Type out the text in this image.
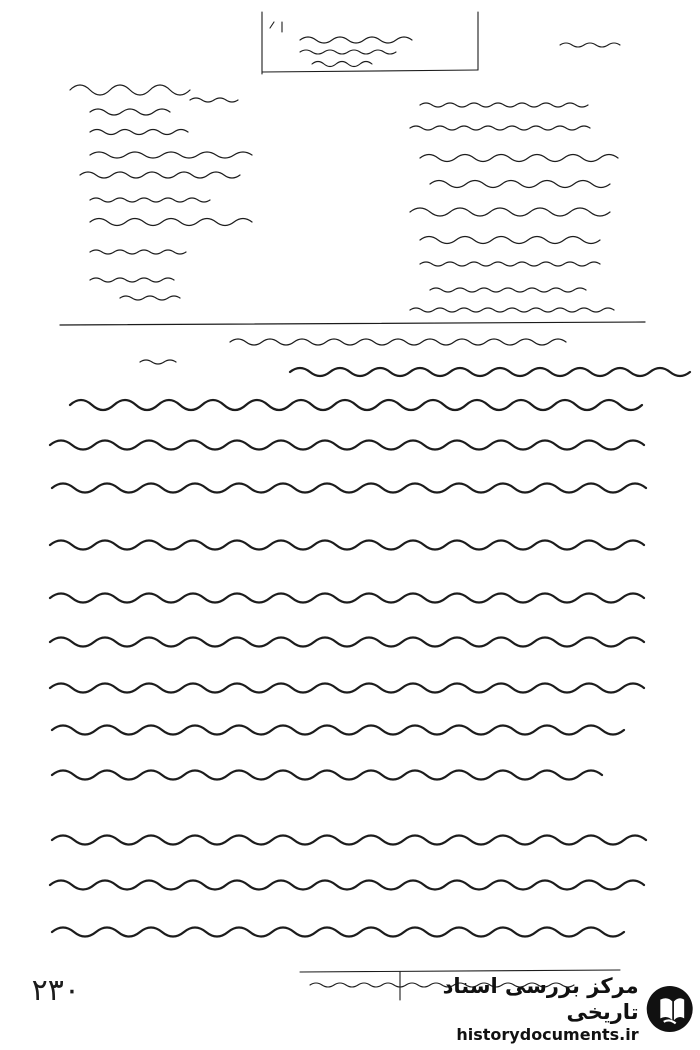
۲۳۰	مرکز بررسی اسناد تاریخی
historydocuments.ir
